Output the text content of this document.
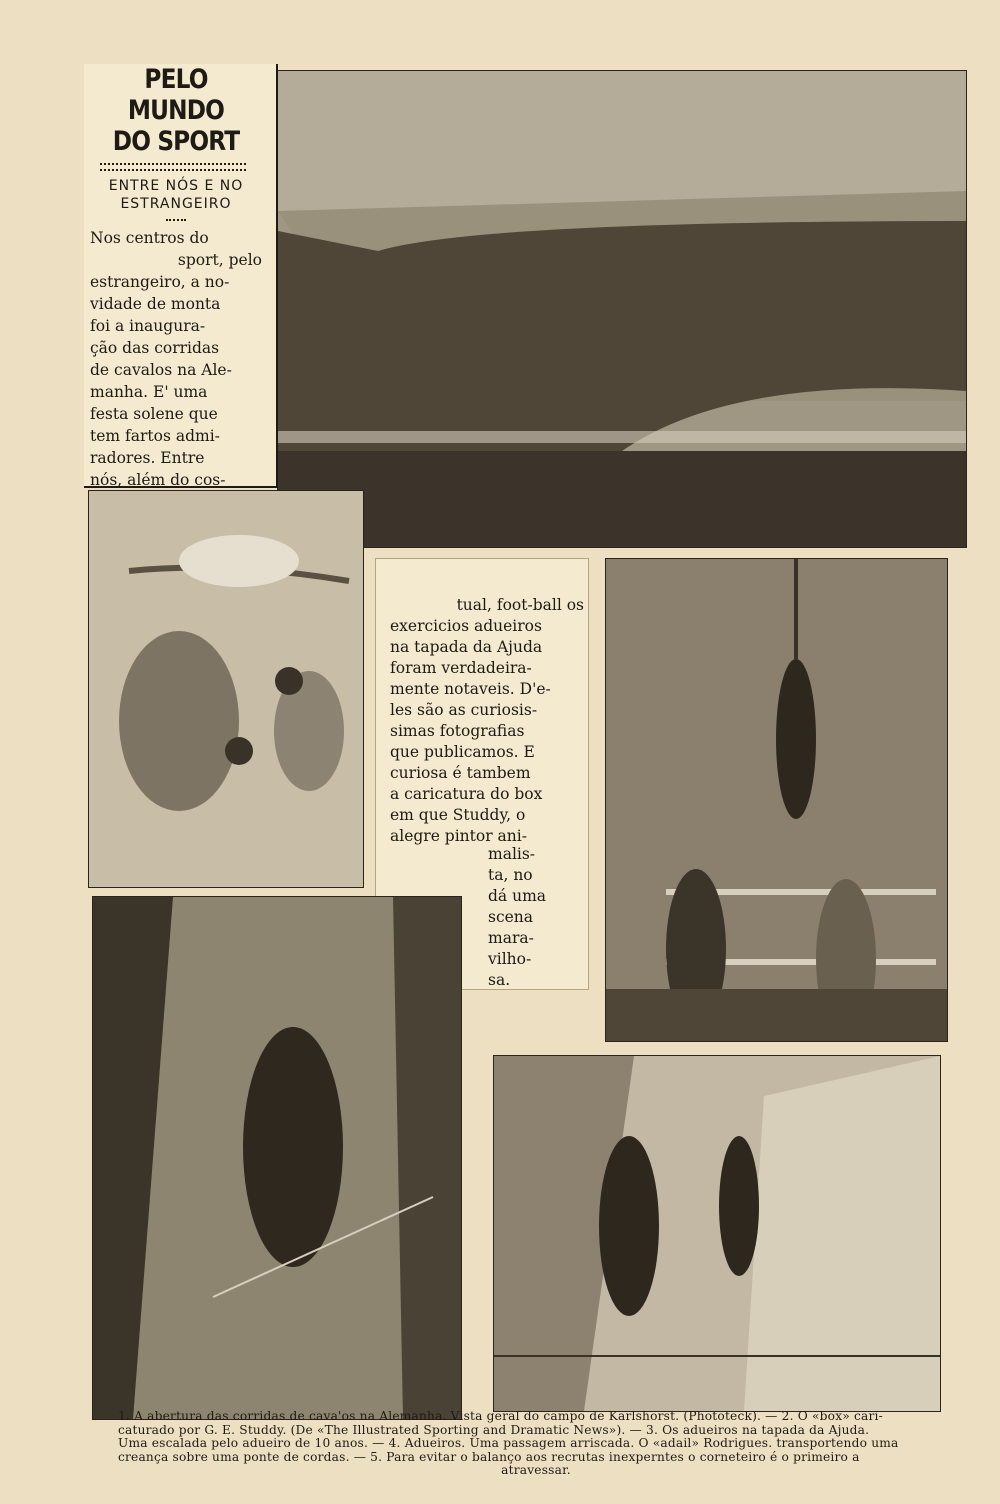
PELO MUNDO

DO SPORT

ENTRE NÓS E NO
ESTRANGEIRO
Nos centros do
sport, pelo
estrangeiro, a no-
vidade de monta
foi a inaugura-
ção das corridas
de cavalos na Ale-
manha. E' uma
festa solene que
tem fartos admi-
radores. Entre
nós, além do cos-
tual, foot-ball os
exercicios adueiros
na tapada da Ajuda
foram verdadeira-
mente notaveis. D'e-
les são as curiosis-
simas fotografias
que publicamos. E
curiosa é tambem
a caricatura do box
em que Studdy, o
alegre pintor ani-
malis-
ta, no
dá uma
scena
mara-
vilho-
sa.
1. A abertura das corridas de cava'os na Alemanha. Vista geral do campo de Karlshorst. (Phototeck). — 2. O «box» cari-
caturado por G. E. Studdy. (De «The Illustrated Sporting and Dramatic News»). — 3. Os adueiros na tapada da Ajuda.
Uma escalada pelo adueiro de 10 anos. — 4. Adueiros. Uma passagem arriscada. O «adail» Rodrigues. transportendo uma
creança sobre uma ponte de cordas. — 5. Para evitar o balanço aos recrutas inexperntes o corneteiro é o primeiro a
atravessar.
